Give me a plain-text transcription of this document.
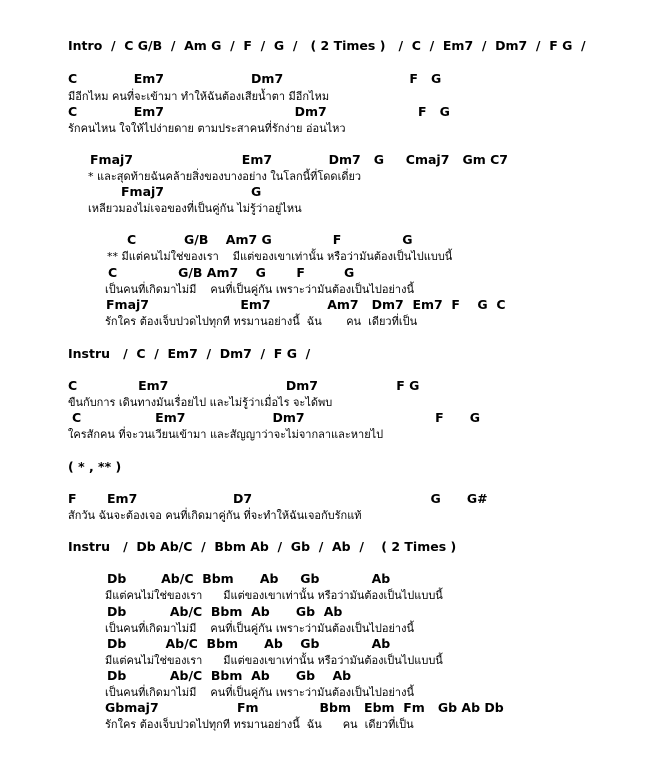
Intro  /  C G/B  /  Am G  /  F  /  G  /   ( 2 Times )   /  C  /  Em7  /  Dm7  /  F G  /
C             Em7                    Dm7                             F   G
มีอีกไหม คนที่จะเข้ามา ทำให้ฉันต้องเสียน้ำตา มีอีกไหม
C             Em7                              Dm7                     F   G
รักคนไหน ใจให้ไปง่ายดาย ตามประสาคนที่รักง่าย อ่อนไหว
Fmaj7                         Em7             Dm7   G     Cmaj7   Gm C7
* และสุดท้ายฉันคล้ายสิ่งของบางอย่าง ในโลกนี้ที่โดดเดี่ยว
Fmaj7                    G
เหลียวมองไม่เจอของที่เป็นคู่กัน ไม่รู้ว่าอยู่ไหน
C           G/B    Am7 G              F              G
** มีแต่คนไม่ใช่ของเรา    มีแต่ของเขาเท่านั้น หรือว่ามันต้องเป็นไปแบบนี้
C              G/B Am7    G       F         G
เป็นคนที่เกิดมาไม่มี    คนที่เป็นคู่กัน เพราะว่ามันต้องเป็นไปอย่างนี้
Fmaj7                     Em7             Am7   Dm7  Em7  F    G  C
รักใคร ต้องเจ็บปวดไปทุกที ทรมานอย่างนี้  ฉัน       คน  เดียวที่เป็น
Instru   /  C  /  Em7  /  Dm7  /  F G  /
C              Em7                           Dm7                  F G
ขืนกับการ เดินทางมันเรื่อยไป และไม่รู้ว่าเมื่อไร จะได้พบ
C                 Em7                    Dm7                              F      G
ใครสักคน ที่จะวนเวียนเข้ามา และสัญญาว่าจะไม่จากลาและหายไป
( * , ** )
F       Em7                      D7                                         G      G#
สักวัน ฉันจะต้องเจอ คนที่เกิดมาคู่กัน ที่จะทำให้ฉันเจอกับรักแท้
Instru   /  Db Ab/C  /  Bbm Ab  /  Gb  /  Ab  /    ( 2 Times )
Db        Ab/C  Bbm      Ab     Gb            Ab
มีแต่คนไม่ใช่ของเรา      มีแต่ของเขาเท่านั้น หรือว่ามันต้องเป็นไปแบบนี้
Db          Ab/C  Bbm  Ab      Gb  Ab
เป็นคนที่เกิดมาไม่มี    คนที่เป็นคู่กัน เพราะว่ามันต้องเป็นไปอย่างนี้
Db         Ab/C  Bbm      Ab    Gb            Ab
มีแต่คนไม่ใช่ของเรา      มีแต่ของเขาเท่านั้น หรือว่ามันต้องเป็นไปแบบนี้
Db          Ab/C  Bbm  Ab      Gb    Ab
เป็นคนที่เกิดมาไม่มี    คนที่เป็นคู่กัน เพราะว่ามันต้องเป็นไปอย่างนี้
Gbmaj7                  Fm              Bbm   Ebm  Fm   Gb Ab Db
รักใคร ต้องเจ็บปวดไปทุกที ทรมานอย่างนี้  ฉัน      คน  เดียวที่เป็น
